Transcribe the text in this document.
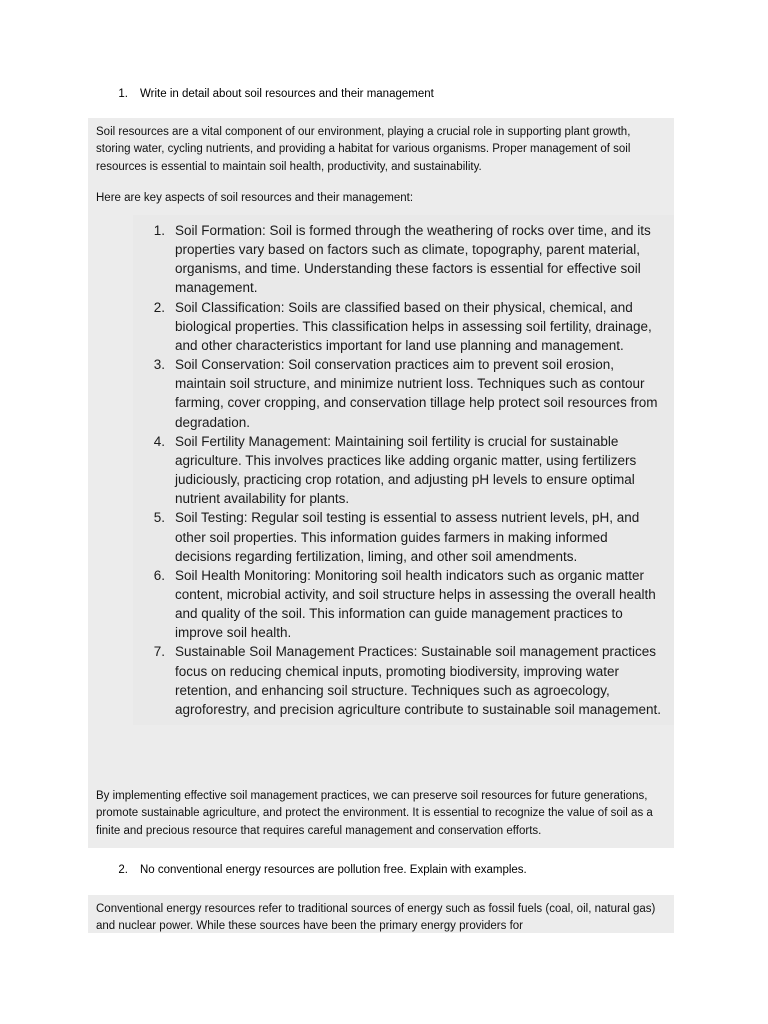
1.	Write in detail about soil resources and their management

Soil resources are a vital component of our environment, playing a crucial role in supporting plant growth, storing water, cycling nutrients, and providing a habitat for various organisms. Proper management of soil resources is essential to maintain soil health, productivity, and sustainability.

Here are key aspects of soil resources and their management:

1. Soil Formation: Soil is formed through the weathering of rocks over time, and its properties vary based on factors such as climate, topography, parent material, organisms, and time. Understanding these factors is essential for effective soil management.
2. Soil Classification: Soils are classified based on their physical, chemical, and biological properties. This classification helps in assessing soil fertility, drainage, and other characteristics important for land use planning and management.
3. Soil Conservation: Soil conservation practices aim to prevent soil erosion, maintain soil structure, and minimize nutrient loss. Techniques such as contour farming, cover cropping, and conservation tillage help protect soil resources from degradation.
4. Soil Fertility Management: Maintaining soil fertility is crucial for sustainable agriculture. This involves practices like adding organic matter, using fertilizers judiciously, practicing crop rotation, and adjusting pH levels to ensure optimal nutrient availability for plants.
5. Soil Testing: Regular soil testing is essential to assess nutrient levels, pH, and other soil properties. This information guides farmers in making informed decisions regarding fertilization, liming, and other soil amendments.
6. Soil Health Monitoring: Monitoring soil health indicators such as organic matter content, microbial activity, and soil structure helps in assessing the overall health and quality of the soil. This information can guide management practices to improve soil health.
7. Sustainable Soil Management Practices: Sustainable soil management practices focus on reducing chemical inputs, promoting biodiversity, improving water retention, and enhancing soil structure. Techniques such as agroecology, agroforestry, and precision agriculture contribute to sustainable soil management.

By implementing effective soil management practices, we can preserve soil resources for future generations, promote sustainable agriculture, and protect the environment. It is essential to recognize the value of soil as a finite and precious resource that requires careful management and conservation efforts.

2.	No conventional energy resources are pollution free. Explain with examples.

Conventional energy resources refer to traditional sources of energy such as fossil fuels (coal, oil, natural gas) and nuclear power. While these sources have been the primary energy providers for
